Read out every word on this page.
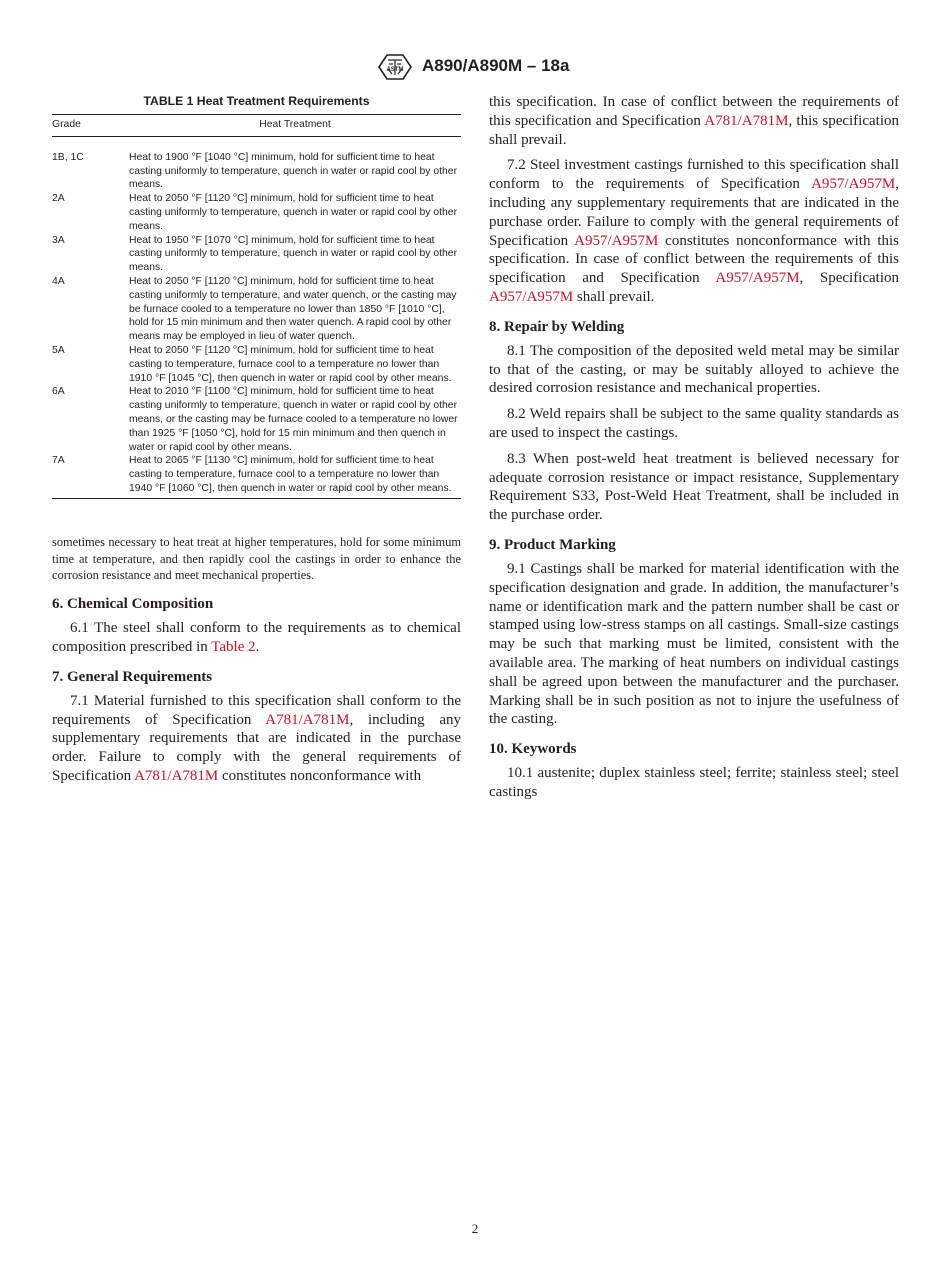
ASTM A890/A890M – 18a
TABLE 1 Heat Treatment Requirements
Grade	Heat Treatment
1B, 1C	Heat to 1900 °F [1040 °C] minimum, hold for sufficient time to heat casting uniformly to temperature, quench in water or rapid cool by other means.
2A	Heat to 2050 °F [1120 °C] minimum, hold for sufficient time to heat casting uniformly to temperature, quench in water or rapid cool by other means.
3A	Heat to 1950 °F [1070 °C] minimum, hold for sufficient time to heat casting uniformly to temperature, quench in water or rapid cool by other means.
4A	Heat to 2050 °F [1120 °C] minimum, hold for sufficient time to heat casting uniformly to temperature, and water quench, or the casting may be furnace cooled to a temperature no lower than 1850 °F [1010 °C], hold for 15 min minimum and then water quench. A rapid cool by other means may be employed in lieu of water quench.
5A	Heat to 2050 °F [1120 °C] minimum, hold for sufficient time to heat casting to temperature, furnace cool to a temperature no lower than 1910 °F [1045 °C], then quench in water or rapid cool by other means.
6A	Heat to 2010 °F [1100 °C] minimum, hold for sufficient time to heat casting uniformly to temperature, quench in water or rapid cool by other means, or the casting may be furnace cooled to a temperature no lower than 1925 °F [1050 °C], hold for 15 min minimum and then quench in water or rapid cool by other means.
7A	Heat to 2065 °F [1130 °C] minimum, hold for sufficient time to heat casting to temperature, furnace cool to a temperature no lower than 1940 °F [1060 °C], then quench in water or rapid cool by other means.
sometimes necessary to heat treat at higher temperatures, hold for some minimum time at temperature, and then rapidly cool the castings in order to enhance the corrosion resistance and meet mechanical properties.
6. Chemical Composition

6.1 The steel shall conform to the requirements as to chemical composition prescribed in Table 2.

7. General Requirements

7.1 Material furnished to this specification shall conform to the requirements of Specification A781/A781M, including any supplementary requirements that are indicated in the purchase order. Failure to comply with the general requirements of Specification A781/A781M constitutes nonconformance with

this specification. In case of conflict between the requirements of this specification and Specification A781/A781M, this specification shall prevail.

7.2 Steel investment castings furnished to this specification shall conform to the requirements of Specification A957/A957M, including any supplementary requirements that are indicated in the purchase order. Failure to comply with the general requirements of Specification A957/A957M constitutes nonconformance with this specification. In case of conflict between the requirements of this specification and Specification A957/A957M, Specification A957/A957M shall prevail.

8. Repair by Welding

8.1 The composition of the deposited weld metal may be similar to that of the casting, or may be suitably alloyed to achieve the desired corrosion resistance and mechanical properties.

8.2 Weld repairs shall be subject to the same quality standards as are used to inspect the castings.

8.3 When post-weld heat treatment is believed necessary for adequate corrosion resistance or impact resistance, Supplementary Requirement S33, Post-Weld Heat Treatment, shall be included in the purchase order.

9. Product Marking

9.1 Castings shall be marked for material identification with the specification designation and grade. In addition, the manufacturer’s name or identification mark and the pattern number shall be cast or stamped using low-stress stamps on all castings. Small-size castings may be such that marking must be limited, consistent with the available area. The marking of heat numbers on individual castings shall be agreed upon between the manufacturer and the purchaser. Marking shall be in such position as not to injure the usefulness of the casting.

10. Keywords

10.1 austenite; duplex stainless steel; ferrite; stainless steel; steel castings

2
